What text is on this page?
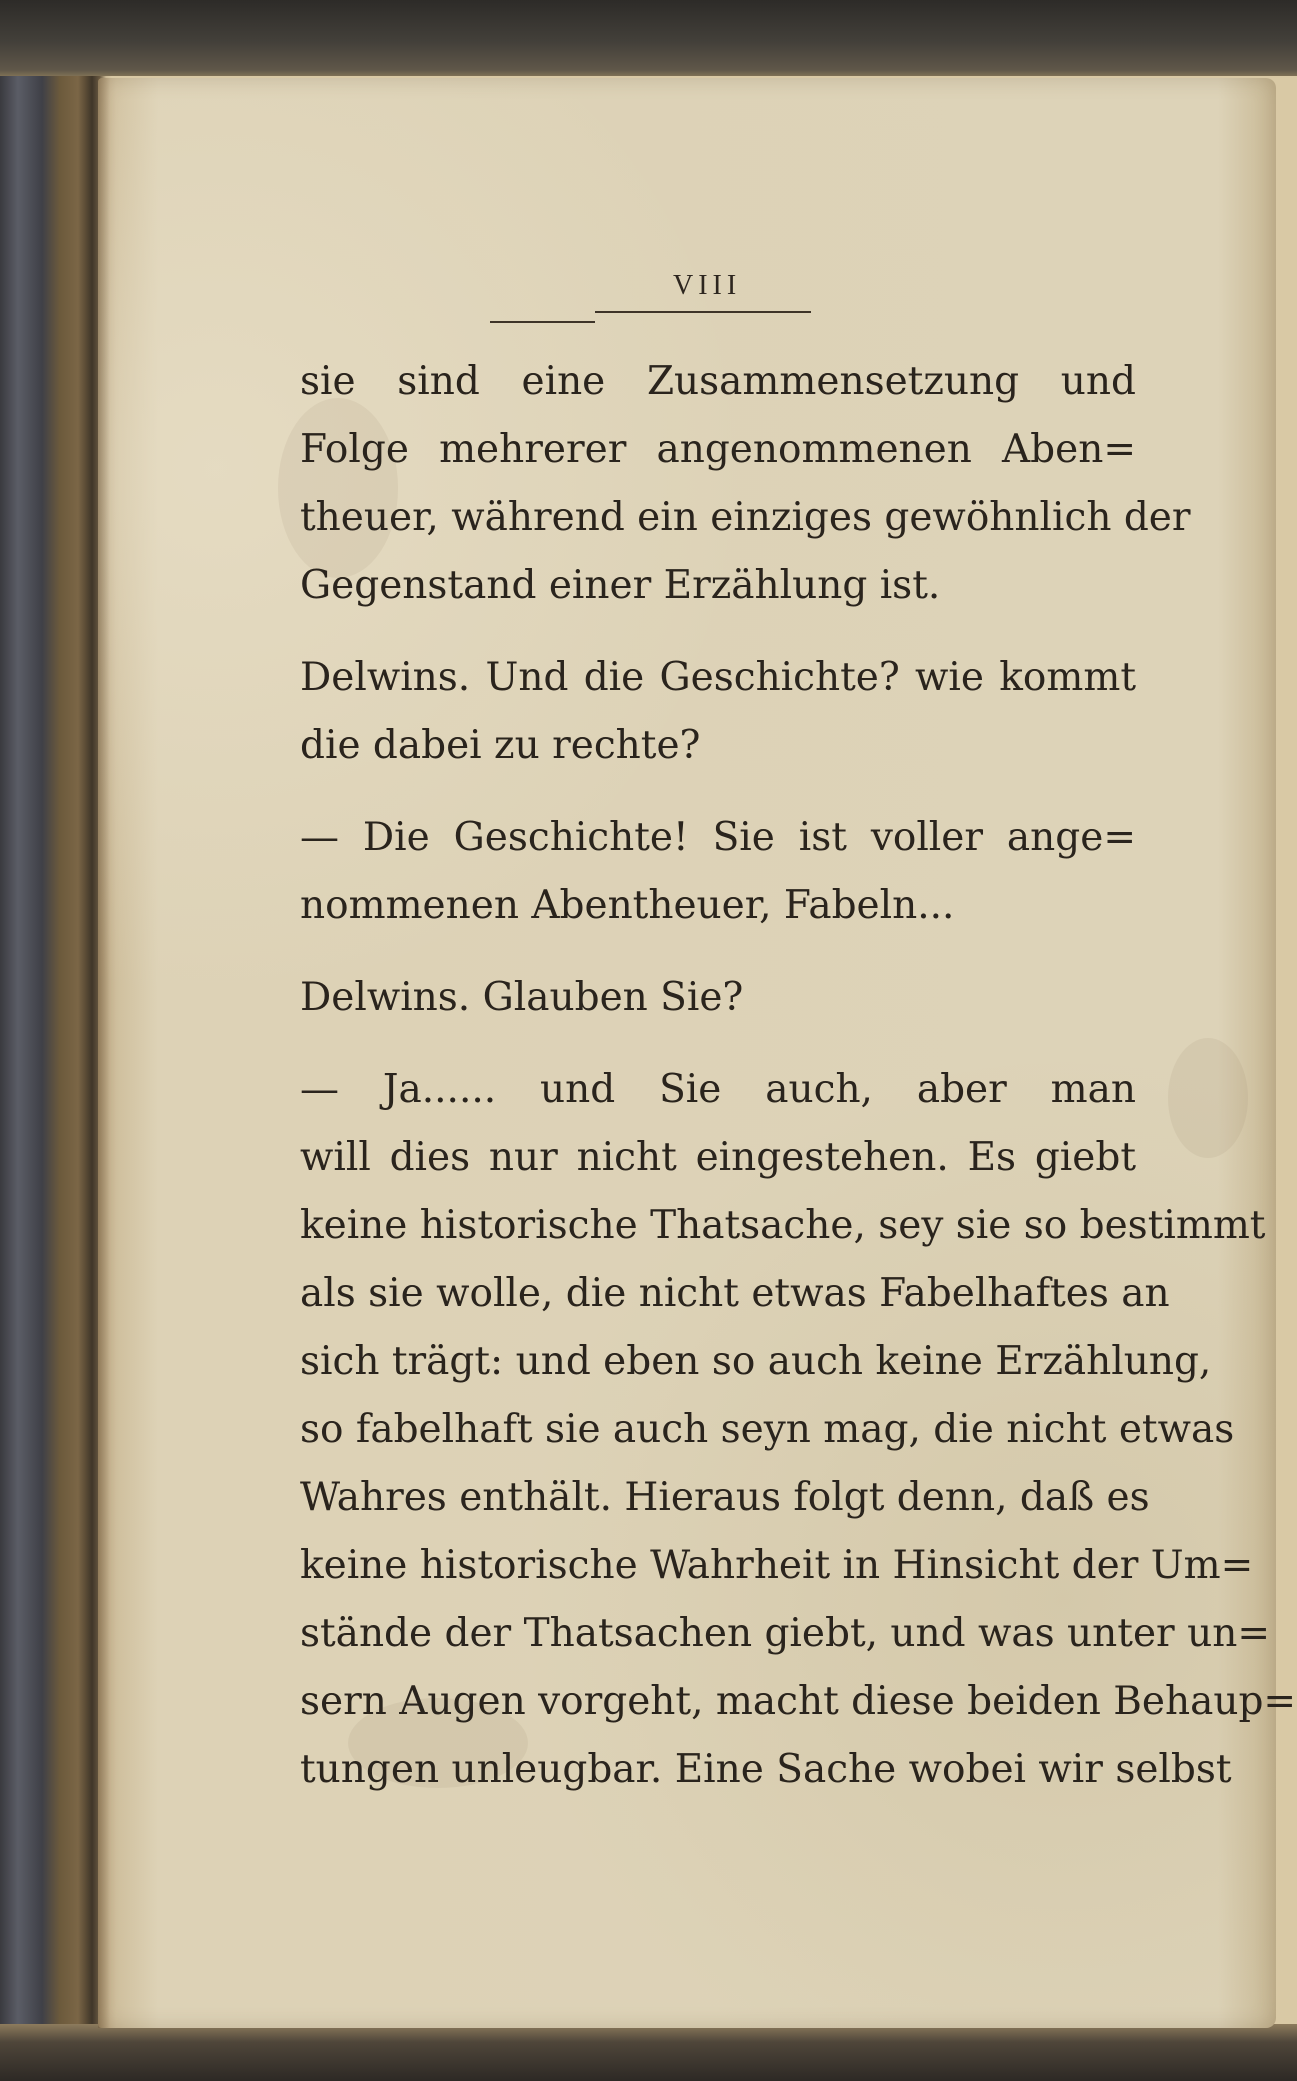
VIII
sie sind eine Zusammensetzung und
Folge mehrerer angenommenen Aben=
theuer, während ein einziges gewöhnlich der
Gegenstand einer Erzählung ist.
Delwins. Und die Geschichte? wie kommt
die dabei zu rechte?
— Die Geschichte! Sie ist voller ange=
nommenen Abentheuer, Fabeln...
Delwins. Glauben Sie?
— Ja...... und Sie auch, aber man
will dies nur nicht eingestehen. Es giebt
keine historische Thatsache, sey sie so bestimmt
als sie wolle, die nicht etwas Fabelhaftes an
sich trägt: und eben so auch keine Erzählung,
so fabelhaft sie auch seyn mag, die nicht etwas
Wahres enthält. Hieraus folgt denn, daß es
keine historische Wahrheit in Hinsicht der Um=
stände der Thatsachen giebt, und was unter un=
sern Augen vorgeht, macht diese beiden Behaup=
tungen unleugbar. Eine Sache wobei wir selbst
